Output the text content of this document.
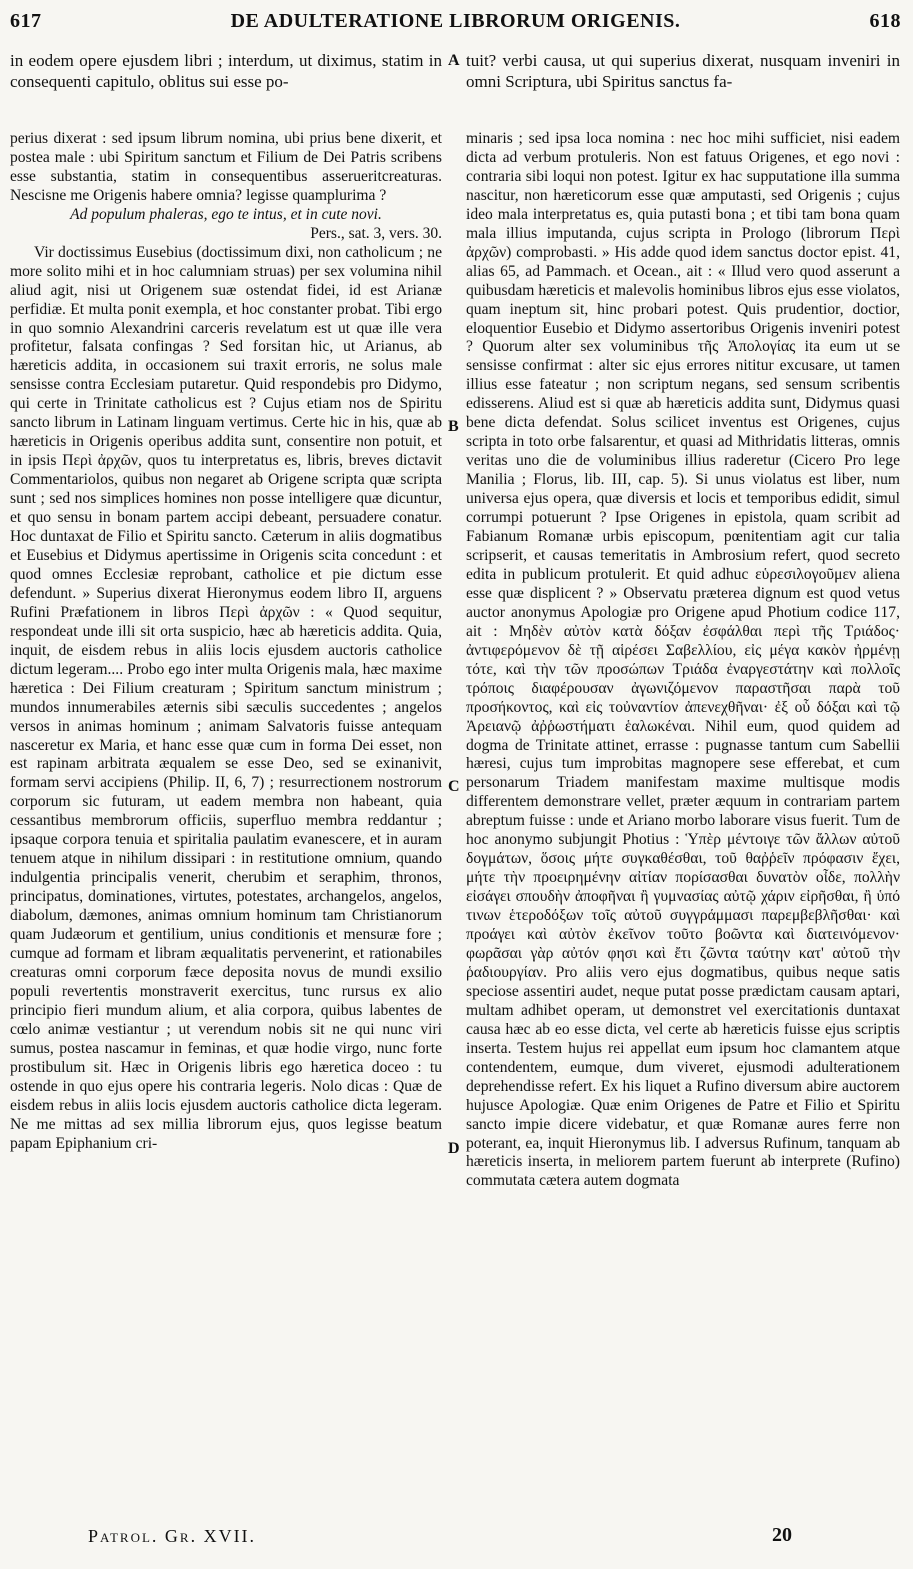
617	DE ADULTERATIONE LIBRORUM ORIGENIS.	618
in eodem opere ejusdem libri ; interdum, ut diximus, statim in consequenti capitulo, oblitus sui esse po-
tuit? verbi causa, ut qui superius dixerat, nusquam inveniri in omni Scriptura, ubi Spiritus sanctus fa-
A

perius dixerat : sed ipsum librum nomina, ubi prius bene dixerit, et postea male : ubi Spiritum sanctum et Filium de Dei Patris scribens esse substantia, statim in consequentibus asserueritcreaturas. Nescisne me Origenis habere omnia? legisse quamplurima ?

Ad populum phaleras, ego te intus, et in cute novi.

Pers., sat. 3, vers. 30.

Vir doctissimus Eusebius (doctissimum dixi, non catholicum ; ne more solito mihi et in hoc calumniam struas) per sex volumina nihil aliud agit, nisi ut Origenem suæ ostendat fidei, id est Arianæ perfidiæ. Et multa ponit exempla, et hoc constanter probat. Tibi ergo in quo somnio Alexandrini carceris revelatum est ut quæ ille vera profitetur, falsata confingas ? Sed forsitan hic, ut Arianus, ab hæreticis addita, in occasionem sui traxit erroris, ne solus male sensisse contra Ecclesiam putaretur. Quid respondebis pro Didymo, qui certe in Trinitate catholicus est ? Cujus etiam nos de Spiritu sancto librum in Latinam linguam vertimus. Certe hic in his, quæ ab hæreticis in Origenis operibus addita sunt, consentire non potuit, et in ipsis Περὶ ἀρχῶν, quos tu interpretatus es, libris, breves dictavit Commentariolos, quibus non negaret ab Origene scripta quæ scripta sunt ; sed nos simplices homines non posse intelligere quæ dicuntur, et quo sensu in bonam partem accipi debeant, persuadere conatur. Hoc duntaxat de Filio et Spiritu sancto. Cæterum in aliis dogmatibus et Eusebius et Didymus apertissime in Origenis scita concedunt : et quod omnes Ecclesiæ reprobant, catholice et pie dictum esse defendunt. » Superius dixerat Hieronymus eodem libro II, arguens Rufini Præfationem in libros Περὶ ἀρχῶν : « Quod sequitur, respondeat unde illi sit orta suspicio, hæc ab hæreticis addita. Quia, inquit, de eisdem rebus in aliis locis ejusdem auctoris catholice dictum legeram.... Probo ego inter multa Origenis mala, hæc maxime hæretica : Dei Filium creaturam ; Spiritum sanctum ministrum ; mundos innumerabiles æternis sibi sæculis succedentes ; angelos versos in animas hominum ; animam Salvatoris fuisse antequam nasceretur ex Maria, et hanc esse quæ cum in forma Dei esset, non est rapinam arbitrata æqualem se esse Deo, sed se exinanivit, formam servi accipiens (Philip. II, 6, 7) ; resurrectionem nostrorum corporum sic futuram, ut eadem membra non habeant, quia cessantibus membrorum officiis, superfluo membra reddantur ; ipsaque corpora tenuia et spiritalia paulatim evanescere, et in auram tenuem atque in nihilum dissipari : in restitutione omnium, quando indulgentia principalis venerit, cherubim et seraphim, thronos, principatus, dominationes, virtutes, potestates, archangelos, angelos, diabolum, dæmones, animas omnium hominum tam Christianorum quam Judæorum et gentilium, unius conditionis et mensuræ fore ; cumque ad formam et libram æqualitatis pervenerint, et rationabiles creaturas omni corporum fæce deposita novus de mundi exsilio populi revertentis monstraverit exercitus, tunc rursus ex alio principio fieri mundum alium, et alia corpora, quibus labentes de cœlo animæ vestiantur ; ut verendum nobis sit ne qui nunc viri sumus, postea nascamur in feminas, et quæ hodie virgo, nunc forte prostibulum sit. Hæc in Origenis libris ego hæretica doceo : tu ostende in quo ejus opere his contraria legeris. Nolo dicas : Quæ de eisdem rebus in aliis locis ejusdem auctoris catholice dicta legeram. Ne me mittas ad sex millia librorum ejus, quos legisse beatum papam Epiphanium cri-

B
C
D

minaris ; sed ipsa loca nomina : nec hoc mihi sufficiet, nisi eadem dicta ad verbum protuleris. Non est fatuus Origenes, et ego novi : contraria sibi loqui non potest. Igitur ex hac supputatione illa summa nascitur, non hæreticorum esse quæ amputasti, sed Origenis ; cujus ideo mala interpretatus es, quia putasti bona ; et tibi tam bona quam mala illius imputanda, cujus scripta in Prologo (librorum Περὶ ἀρχῶν) comprobasti. » His adde quod idem sanctus doctor epist. 41, alias 65, ad Pammach. et Ocean., ait : « Illud vero quod asserunt a quibusdam hæreticis et malevolis hominibus libros ejus esse violatos, quam ineptum sit, hinc probari potest. Quis prudentior, doctior, eloquentior Eusebio et Didymo assertoribus Origenis inveniri potest ? Quorum alter sex voluminibus τῆς Ἀπολογίας ita eum ut se sensisse confirmat : alter sic ejus errores nititur excusare, ut tamen illius esse fateatur ; non scriptum negans, sed sensum scribentis edisserens. Aliud est si quæ ab hæreticis addita sunt, Didymus quasi bene dicta defendat. Solus scilicet inventus est Origenes, cujus scripta in toto orbe falsarentur, et quasi ad Mithridatis litteras, omnis veritas uno die de voluminibus illius raderetur (Cicero Pro lege Manilia ; Florus, lib. III, cap. 5). Si unus violatus est liber, num universa ejus opera, quæ diversis et locis et temporibus edidit, simul corrumpi potuerunt ? Ipse Origenes in epistola, quam scribit ad Fabianum Romanæ urbis episcopum, pœnitentiam agit cur talia scripserit, et causas temeritatis in Ambrosium refert, quod secreto edita in publicum protulerit. Et quid adhuc εὑρεσιλογοῦμεν aliena esse quæ displicent ? » Observatu præterea dignum est quod vetus auctor anonymus Apologiæ pro Origene apud Photium codice 117, ait : Μηδὲν αὐτὸν κατὰ δόξαν ἐσφάλθαι περὶ τῆς Τριάδος· ἀντιφερόμενον δὲ τῇ αἱρέσει Σαβελλίου, εἰς μέγα κακὸν ἠρμένῃ τότε, καὶ τὴν τῶν προσώπων Τριάδα ἐναργεστάτην καὶ πολλοῖς τρόποις διαφέρουσαν ἀγωνιζόμενον παραστῆσαι παρὰ τοῦ προσήκοντος, καὶ εἰς τοὐναντίον ἀπενεχθῆναι· ἐξ οὗ δόξαι καὶ τῷ Ἀρειανῷ ἀῤῥωστήματι ἑαλωκέναι. Nihil eum, quod quidem ad dogma de Trinitate attinet, errasse : pugnasse tantum cum Sabellii hæresi, cujus tum improbitas magnopere sese efferebat, et cum personarum Triadem manifestam maxime multisque modis differentem demonstrare vellet, præter æquum in contrariam partem abreptum fuisse : unde et Ariano morbo laborare visus fuerit. Tum de hoc anonymo subjungit Photius : Ὑπὲρ μέντοιγε τῶν ἄλλων αὐτοῦ δογμάτων, ὅσοις μήτε συγκαθέσθαι, τοῦ θαῤῥεῖν πρόφασιν ἔχει, μήτε τὴν προειρημένην αἰτίαν πορίσασθαι δυνατὸν οἶδε, πολλὴν εἰσάγει σπουδὴν ἀποφῆναι ἢ γυμνασίας αὐτῷ χάριν εἰρῆσθαι, ἢ ὑπό τινων ἑτεροδόξων τοῖς αὐτοῦ συγγράμμασι παρεμβεβλῆσθαι· καὶ προάγει καὶ αὐτὸν ἐκεῖνον τοῦτο βοῶντα καὶ διατεινόμενον· φωρᾶσαι γὰρ αὐτόν φησι καὶ ἔτι ζῶντα ταύτην κατ' αὐτοῦ τὴν ῥαδιουργίαν. Pro aliis vero ejus dogmatibus, quibus neque satis speciose assentiri audet, neque putat posse prædictam causam aptari, multam adhibet operam, ut demonstret vel exercitationis duntaxat causa hæc ab eo esse dicta, vel certe ab hæreticis fuisse ejus scriptis inserta. Testem hujus rei appellat eum ipsum hoc clamantem atque contendentem, eumque, dum viveret, ejusmodi adulterationem deprehendisse refert. Ex his liquet a Rufino diversum abire auctorem hujusce Apologiæ. Quæ enim Origenes de Patre et Filio et Spiritu sancto impie dicere videbatur, et quæ Romanæ aures ferre non poterant, ea, inquit Hieronymus lib. I adversus Rufinum, tanquam ab hæreticis inserta, in meliorem partem fuerunt ab interprete (Rufino) commutata cætera autem dogmata

Patrol. Gr. XVII.	20
